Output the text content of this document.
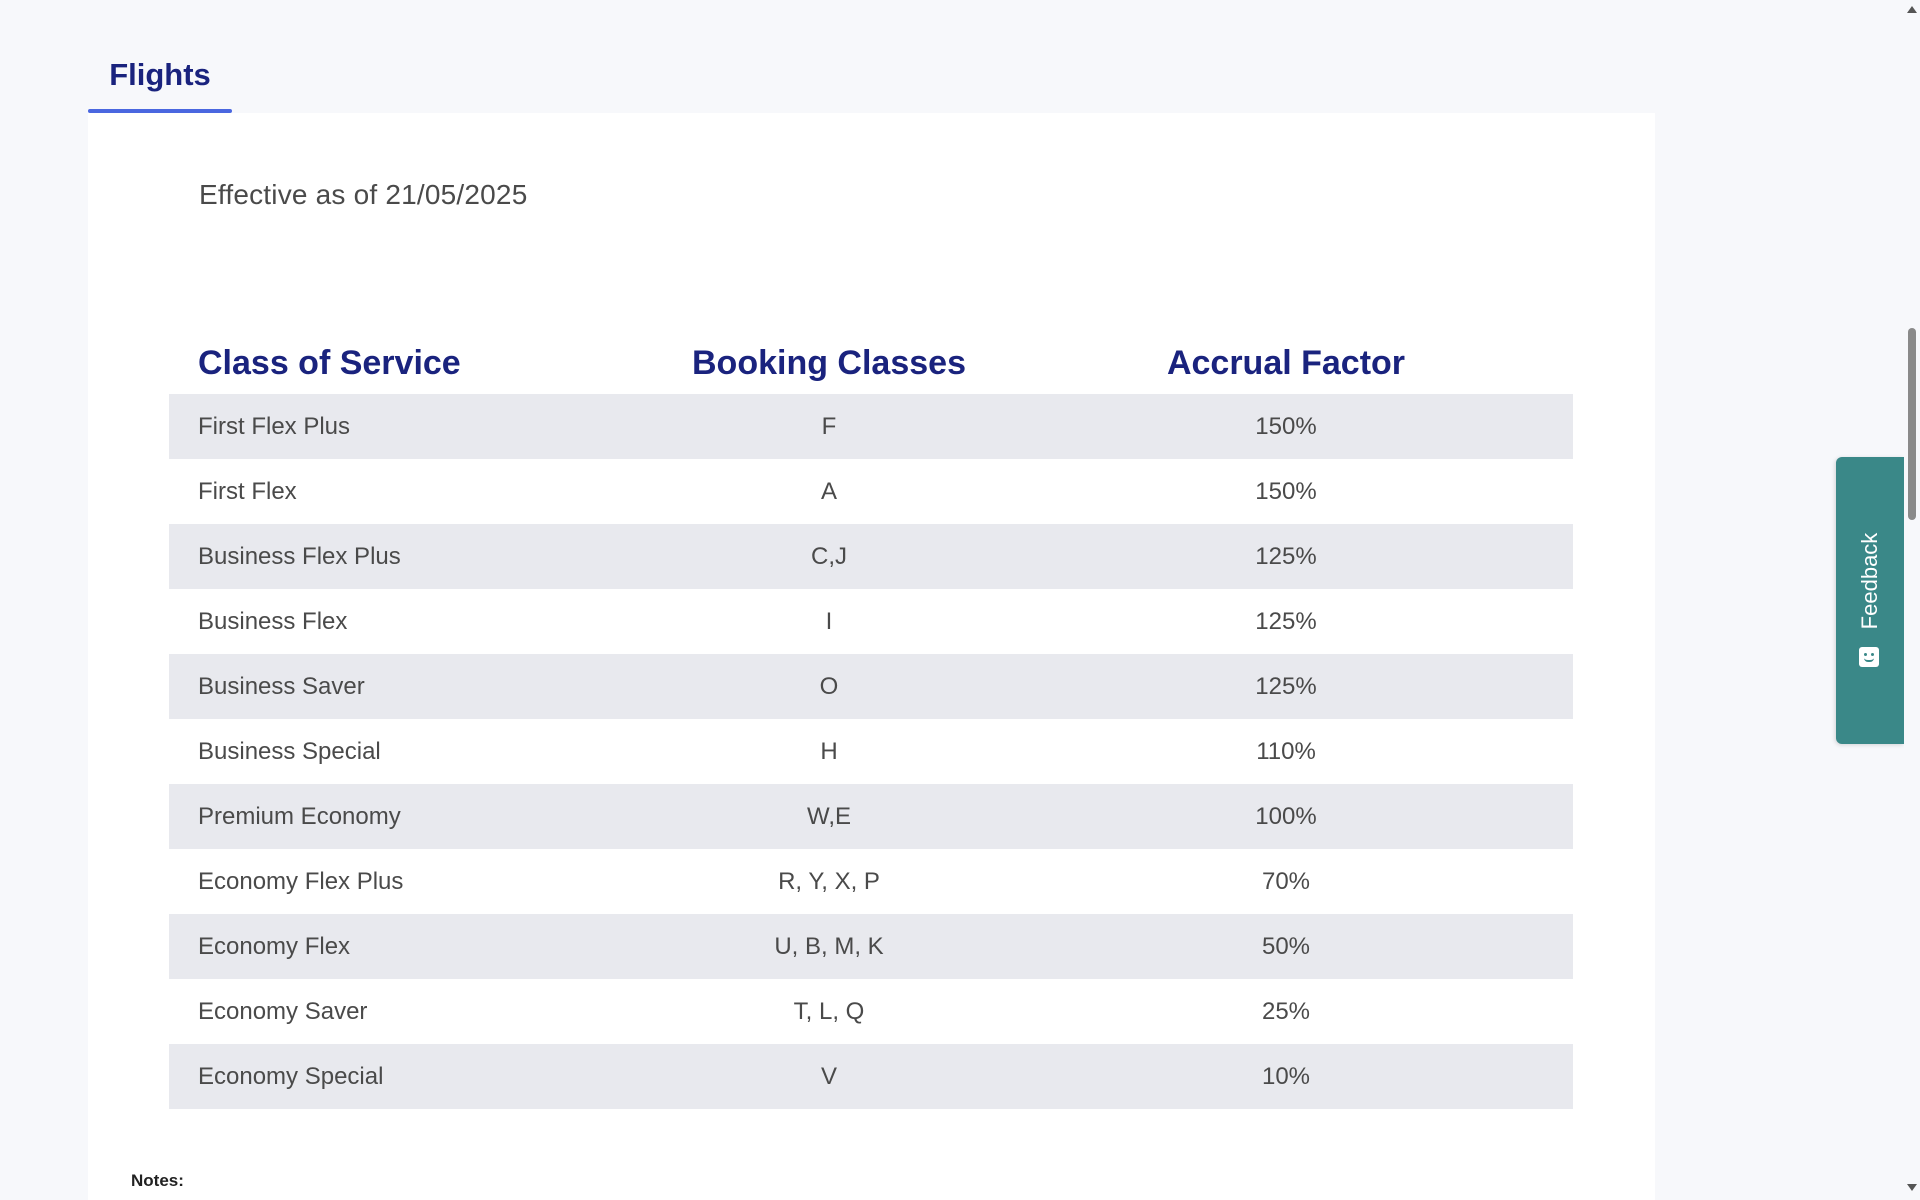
Flights
Effective as of 21/05/2025
Class of Service	Booking Classes	Accrual Factor
First Flex Plus	F	150%
First Flex	A	150%
Business Flex Plus	C,J	125%
Business Flex	I	125%
Business Saver	O	125%
Business Special	H	110%
Premium Economy	W,E	100%
Economy Flex Plus	R, Y, X, P	70%
Economy Flex	U, B, M, K	50%
Economy Saver	T, L, Q	25%
Economy Special	V	10%
Notes:
Feedback
